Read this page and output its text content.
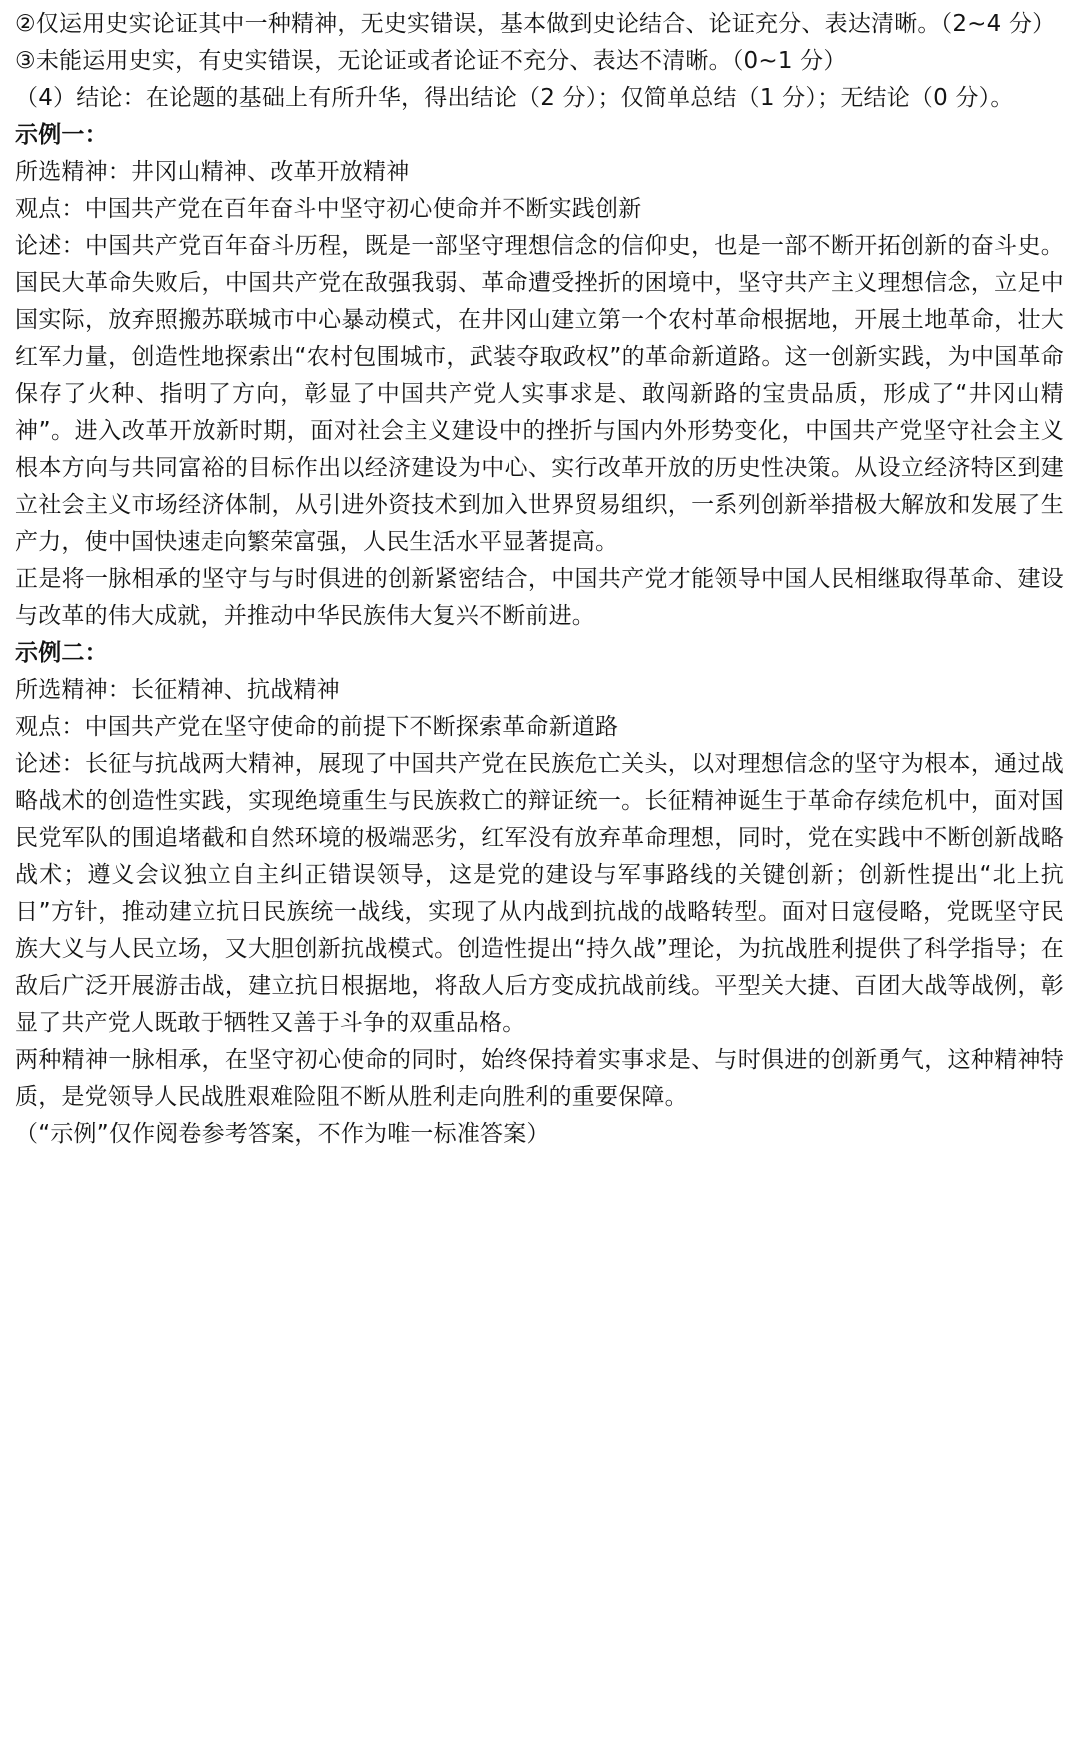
②仅运用史实论证其中一种精神，无史实错误，基本做到史论结合、论证充分、表达清晰。（2~4 分）

③未能运用史实，有史实错误，无论证或者论证不充分、表达不清晰。（0~1 分）

（4）结论：在论题的基础上有所升华，得出结论（2 分）；仅简单总结（1 分）；无结论（0 分）。

示例一：

所选精神：井冈山精神、改革开放精神

观点：中国共产党在百年奋斗中坚守初心使命并不断实践创新

论述：中国共产党百年奋斗历程，既是一部坚守理想信念的信仰史，也是一部不断开拓创新的奋斗史。国民大革命失败后，中国共产党在敌强我弱、革命遭受挫折的困境中，坚守共产主义理想信念，立足中国实际，放弃照搬苏联城市中心暴动模式，在井冈山建立第一个农村革命根据地，开展土地革命，壮大红军力量，创造性地探索出“农村包围城市，武装夺取政权”的革命新道路。这一创新实践，为中国革命保存了火种、指明了方向，彰显了中国共产党人实事求是、敢闯新路的宝贵品质，形成了“井冈山精神”。进入改革开放新时期，面对社会主义建设中的挫折与国内外形势变化，中国共产党坚守社会主义根本方向与共同富裕的目标作出以经济建设为中心、实行改革开放的历史性决策。从设立经济特区到建立社会主义市场经济体制，从引进外资技术到加入世界贸易组织，一系列创新举措极大解放和发展了生产力，使中国快速走向繁荣富强，人民生活水平显著提高。

正是将一脉相承的坚守与与时俱进的创新紧密结合，中国共产党才能领导中国人民相继取得革命、建设与改革的伟大成就，并推动中华民族伟大复兴不断前进。

示例二：

所选精神：长征精神、抗战精神

观点：中国共产党在坚守使命的前提下不断探索革命新道路

论述：长征与抗战两大精神，展现了中国共产党在民族危亡关头，以对理想信念的坚守为根本，通过战略战术的创造性实践，实现绝境重生与民族救亡的辩证统一。长征精神诞生于革命存续危机中，面对国民党军队的围追堵截和自然环境的极端恶劣，红军没有放弃革命理想，同时，党在实践中不断创新战略战术；遵义会议独立自主纠正错误领导，这是党的建设与军事路线的关键创新；创新性提出“北上抗日”方针，推动建立抗日民族统一战线，实现了从内战到抗战的战略转型。面对日寇侵略，党既坚守民族大义与人民立场，又大胆创新抗战模式。创造性提出“持久战”理论，为抗战胜利提供了科学指导；在敌后广泛开展游击战，建立抗日根据地，将敌人后方变成抗战前线。平型关大捷、百团大战等战例，彰显了共产党人既敢于牺牲又善于斗争的双重品格。

两种精神一脉相承，在坚守初心使命的同时，始终保持着实事求是、与时俱进的创新勇气，这种精神特质，是党领导人民战胜艰难险阻不断从胜利走向胜利的重要保障。

（“示例”仅作阅卷参考答案，不作为唯一标准答案）
